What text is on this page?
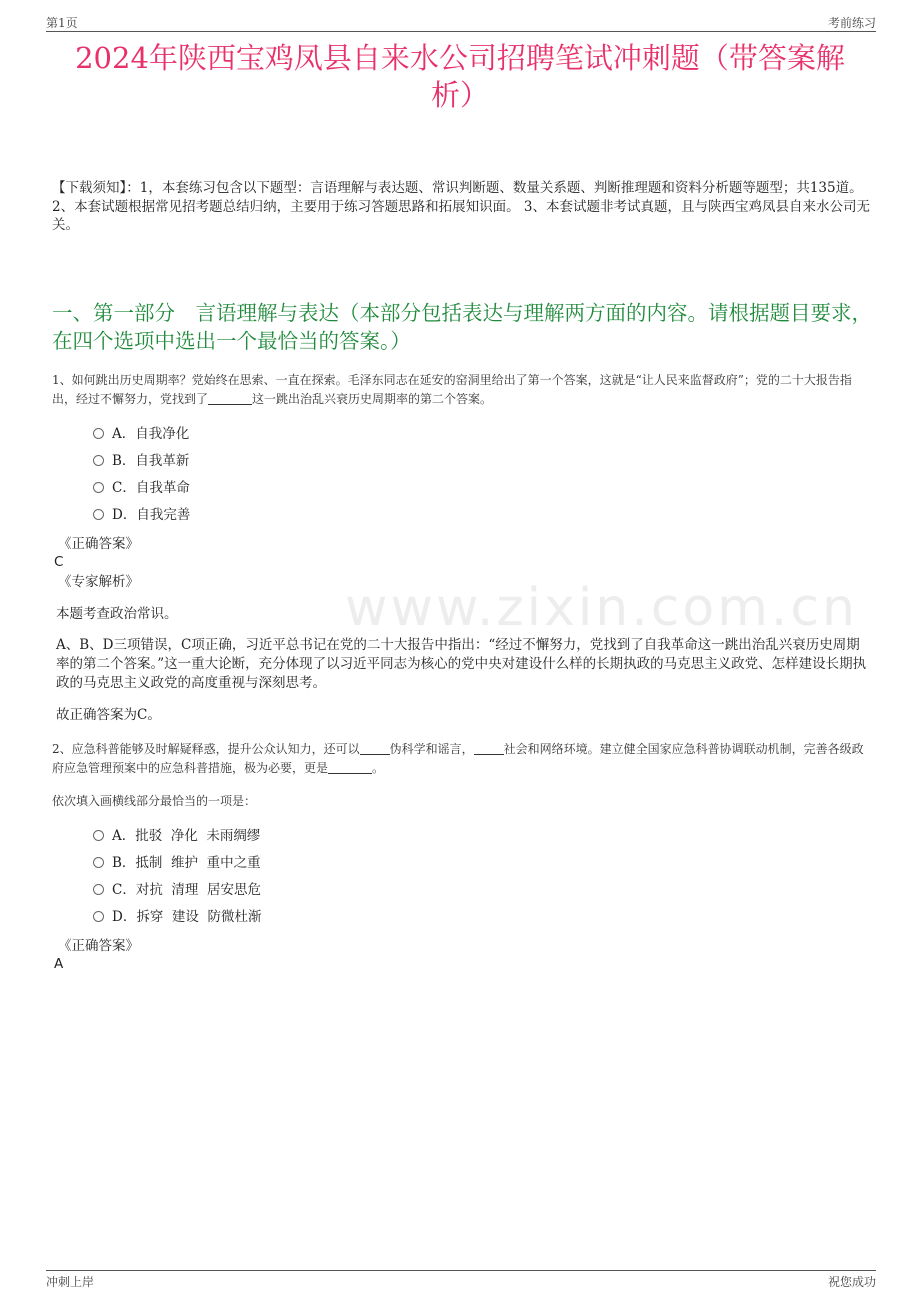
第1页	考前练习
2024年陕西宝鸡凤县自来水公司招聘笔试冲刺题（带答案解析）
【下载须知】：1，本套练习包含以下题型：言语理解与表达题、常识判断题、数量关系题、判断推理题和资料分析题等题型；共135道。 2、本套试题根据常见招考题总结归纳，主要用于练习答题思路和拓展知识面。 3、本套试题非考试真题，且与陕西宝鸡凤县自来水公司无关。
一、第一部分　言语理解与表达（本部分包括表达与理解两方面的内容。请根据题目要求，在四个选项中选出一个最恰当的答案。）
www.zixin.com.cn
1、如何跳出历史周期率？党始终在思索、一直在探索。毛泽东同志在延安的窑洞里给出了第一个答案，这就是“让人民来监督政府”；党的二十大报告指出，经过不懈努力，党找到了	这一跳出治乱兴衰历史周期率的第二个答案。
A．自我净化
B．自我革新
C．自我革命
D．自我完善
《正确答案》
C
《专家解析》
本题考查政治常识。
A、B、D三项错误，C项正确，习近平总书记在党的二十大报告中指出：“经过不懈努力，党找到了自我革命这一跳出治乱兴衰历史周期率的第二个答案。”这一重大论断，充分体现了以习近平同志为核心的党中央对建设什么样的长期执政的马克思主义政党、怎样建设长期执政的马克思主义政党的高度重视与深刻思考。
故正确答案为C。
2、应急科普能够及时解疑释惑，提升公众认知力，还可以	伪科学和谣言，	社会和网络环境。建立健全国家应急科普协调联动机制，完善各级政府应急管理预案中的应急科普措施，极为必要，更是	。
依次填入画横线部分最恰当的一项是：
A．批驳  净化  未雨绸缪
B．抵制  维护  重中之重
C．对抗  清理  居安思危
D．拆穿  建设  防微杜渐
《正确答案》
A
冲刺上岸	祝您成功
